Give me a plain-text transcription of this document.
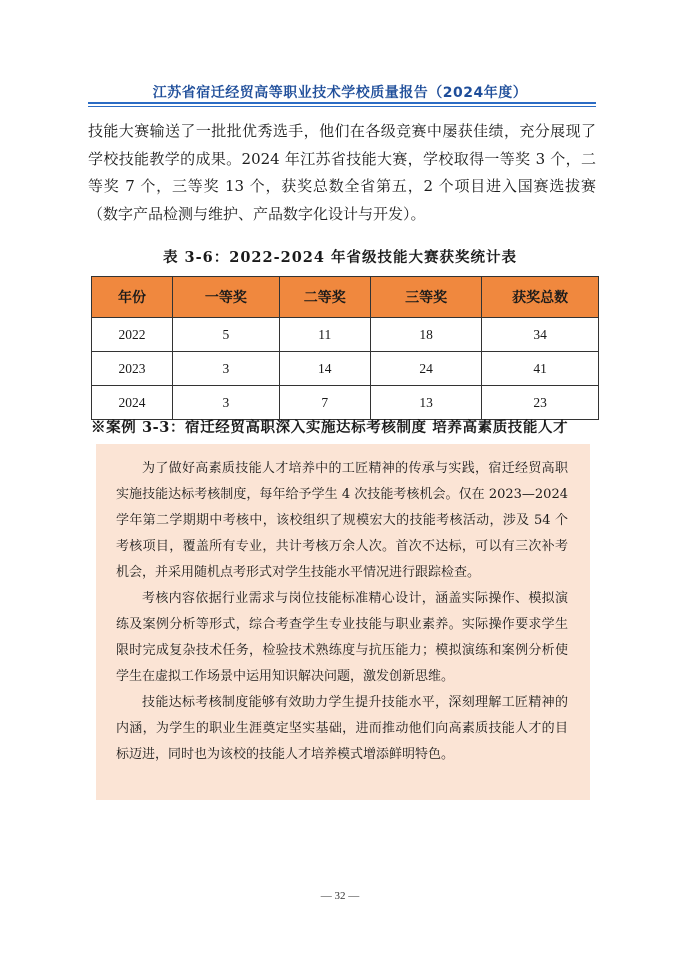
江苏省宿迁经贸高等职业技术学校质量报告（2024年度）

技能大赛输送了一批批优秀选手，他们在各级竞赛中屡获佳绩，充分展现了学校技能教学的成果。2024 年江苏省技能大赛，学校取得一等奖 3 个，二等奖 7 个，三等奖 13 个，获奖总数全省第五，2 个项目进入国赛选拔赛（数字产品检测与维护、产品数字化设计与开发）。

表 3-6：2022-2024 年省级技能大赛获奖统计表
年份	一等奖	二等奖	三等奖	获奖总数
2022	5	11	18	34
2023	3	14	24	41
2024	3	7	13	23
※案例 3-3：宿迁经贸高职深入实施达标考核制度 培养高素质技能人才

为了做好高素质技能人才培养中的工匠精神的传承与实践，宿迁经贸高职实施技能达标考核制度，每年给予学生 4 次技能考核机会。仅在 2023—2024 学年第二学期期中考核中，该校组织了规模宏大的技能考核活动，涉及 54 个考核项目，覆盖所有专业，共计考核万余人次。首次不达标，可以有三次补考机会，并采用随机点考形式对学生技能水平情况进行跟踪检查。

考核内容依据行业需求与岗位技能标准精心设计，涵盖实际操作、模拟演练及案例分析等形式，综合考查学生专业技能与职业素养。实际操作要求学生限时完成复杂技术任务，检验技术熟练度与抗压能力；模拟演练和案例分析使学生在虚拟工作场景中运用知识解决问题，激发创新思维。

技能达标考核制度能够有效助力学生提升技能水平，深刻理解工匠精神的内涵，为学生的职业生涯奠定坚实基础，进而推动他们向高素质技能人才的目标迈进，同时也为该校的技能人才培养模式增添鲜明特色。

— 32 —
